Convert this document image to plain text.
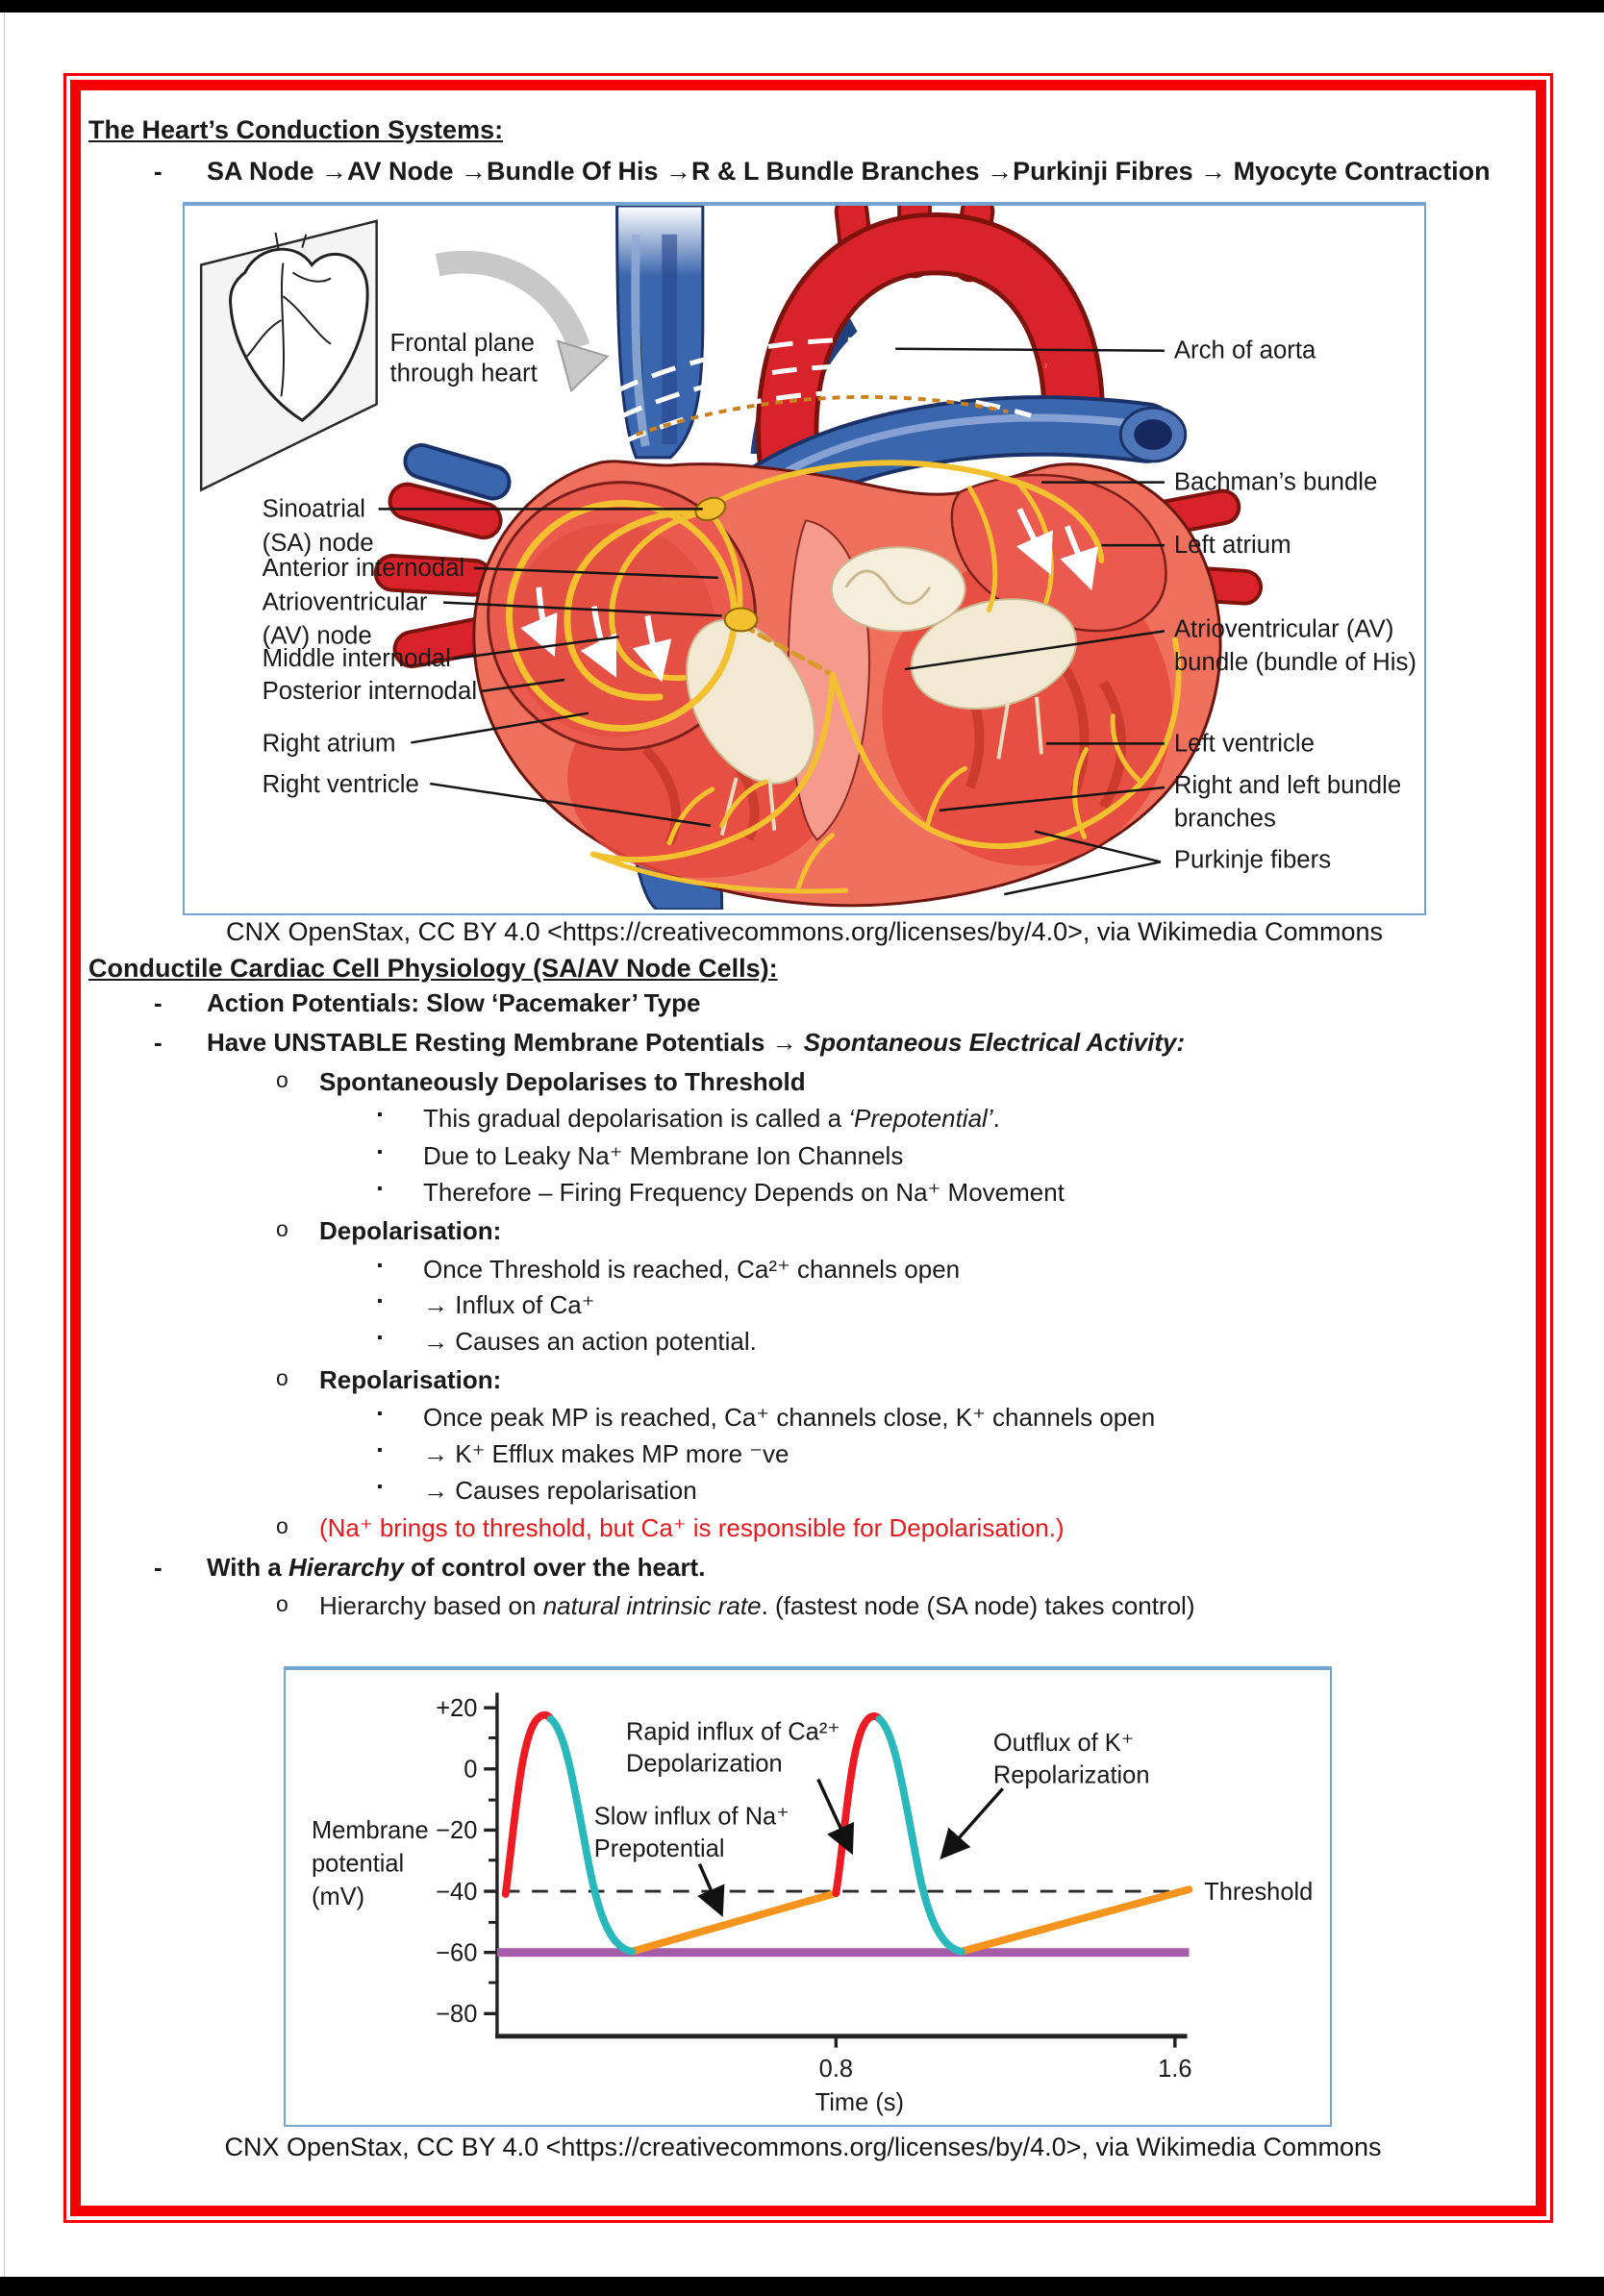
The Heart’s Conduction Systems:
- SA Node →AV Node →Bundle Of His →R & L Bundle Branches →Purkinji Fibres → Myocyte Contraction
Frontal plane
through heart
Sinoatrial
(SA) node
Anterior internodal
Atrioventricular
(AV) node
Middle internodal
Posterior internodal
Right atrium
Right ventricle
Arch of aorta
Bachman’s bundle
Left atrium
Atrioventricular (AV)
bundle (bundle of His)
Left ventricle
Right and left bundle
branches
Purkinje fibers
CNX OpenStax, CC BY 4.0 <https://creativecommons.org/licenses/by/4.0>, via Wikimedia Commons
Conductile Cardiac Cell Physiology (SA/AV Node Cells):
- Action Potentials: Slow ‘Pacemaker’ Type
- Have UNSTABLE Resting Membrane Potentials → Spontaneous Electrical Activity:
o Spontaneously Depolarises to Threshold
▪ This gradual depolarisation is called a ‘Prepotential’.
▪ Due to Leaky Na⁺ Membrane Ion Channels
▪ Therefore – Firing Frequency Depends on Na⁺ Movement
o Depolarisation:
▪ Once Threshold is reached, Ca²⁺ channels open
▪ → Influx of Ca⁺
▪ → Causes an action potential.
o Repolarisation:
▪ Once peak MP is reached, Ca⁺ channels close, K⁺ channels open
▪ → K⁺ Efflux makes MP more ⁻ve
▪ → Causes repolarisation
o (Na⁺ brings to threshold, but Ca⁺ is responsible for Depolarisation.)
- With a Hierarchy of control over the heart.
o Hierarchy based on natural intrinsic rate. (fastest node (SA node) takes control)
+20
0
−20
−40
−60
−80
Membrane
potential
(mV)
0.8	1.6
Time (s)
Threshold
Rapid influx of Ca²⁺
Depolarization
Outflux of K⁺
Repolarization
Slow influx of Na⁺
Prepotential
CNX OpenStax, CC BY 4.0 <https://creativecommons.org/licenses/by/4.0>, via Wikimedia Commons
